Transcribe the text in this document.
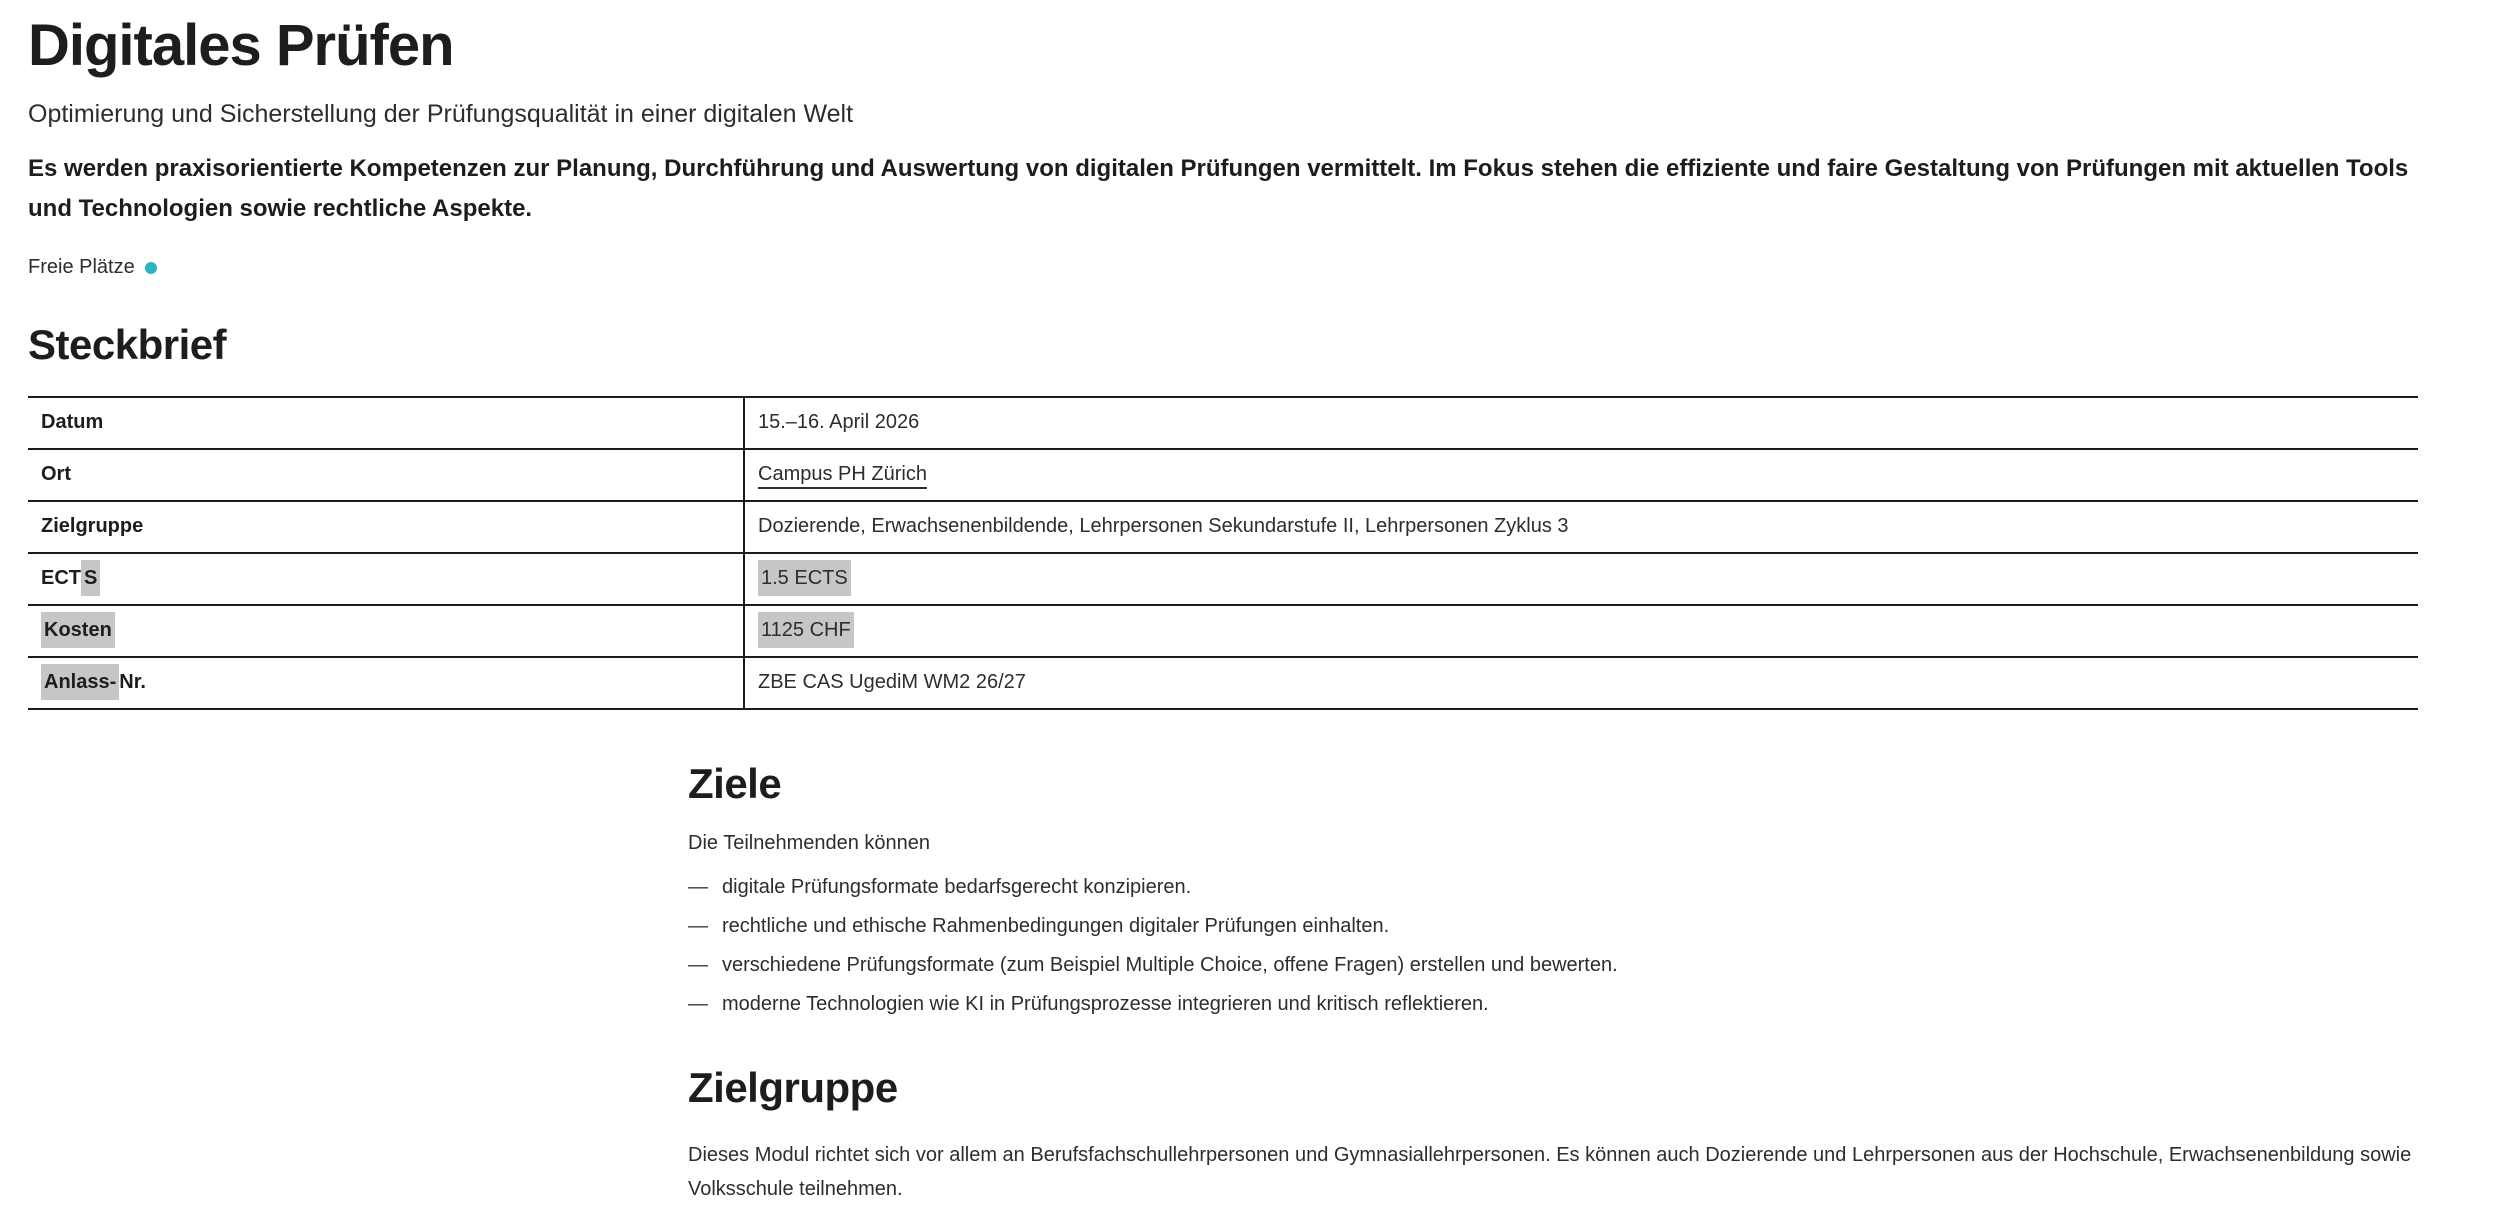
Digitales Prüfen

Optimierung und Sicherstellung der Prüfungsqualität in einer digitalen Welt

Es werden praxisorientierte Kompetenzen zur Planung, Durchführung und Auswertung von digitalen Prüfungen vermittelt. Im Fokus stehen die effiziente und faire Gestaltung von Prüfungen mit aktuellen Tools und Technologien sowie rechtliche Aspekte.

Freie Plätze
Steckbrief
Datum	15.–16. April 2026
Ort	Campus PH Zürich
Zielgruppe	Dozierende, Erwachsenenbildende, Lehrpersonen Sekundarstufe II, Lehrpersonen Zyklus 3
ECT S	1.5 ECTS
Kosten	1125 CHF
Anlass- Nr.	ZBE CAS UgediM WM2 26/27
Ziele

Die Teilnehmenden können

— digitale Prüfungsformate bedarfsgerecht konzipieren.
— rechtliche und ethische Rahmenbedingungen digitaler Prüfungen einhalten.
— verschiedene Prüfungsformate (zum Beispiel Multiple Choice, offene Fragen) erstellen und bewerten.
— moderne Technologien wie KI in Prüfungsprozesse integrieren und kritisch reflektieren.
Zielgruppe

Dieses Modul richtet sich vor allem an Berufsfachschullehrpersonen und Gymnasiallehrpersonen. Es können auch Dozierende und Lehrpersonen aus der Hochschule, Erwachsenenbildung sowie Volksschule teilnehmen.
